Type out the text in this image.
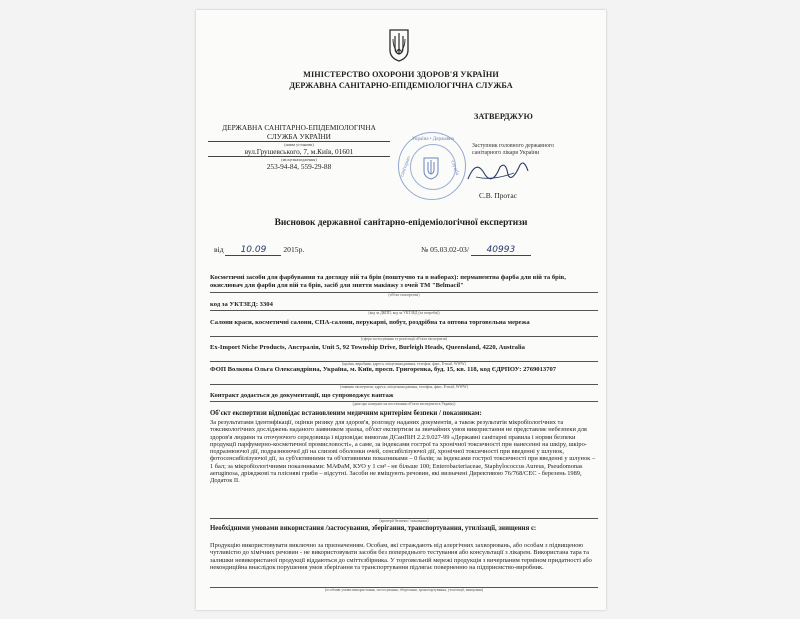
МІНІСТЕРСТВО ОХОРОНИ ЗДОРОВ'Я УКРАЇНИ
ДЕРЖАВНА САНІТАРНО-ЕПІДЕМІОЛОГІЧНА СЛУЖБА
ДЕРЖАВНА САНІТАРНО-ЕПІДЕМІОЛОГІЧНА
СЛУЖБА УКРАЇНИ
(назва установи)
вул.Грушевського, 7, м.Київ, 01601
(місцезнаходження)
253-94-84, 559-29-88
ЗАТВЕРДЖУЮ
Україна • Державна
санітарно-	служба
Заступник головного державного
санітарного лікаря України
С.В. Протас
Висновок державної санітарно-епідеміологічної експертизи
від 10.09 2015р.	№ 05.03.02-03/ 40993
Косметичні засоби для фарбування та догляду вій та брів (поштучно та в наборах): перманентна фарба для вій та брів, окислювач для фарби для вій та брів, засіб для зняття макіяжу з очей ТМ "Belmacil"
(об'єкт експертизи)
код за УКТЗЕД: 3304
(код за ДКПП, код за УКТЗЕД (за потреби))
Салони краси, косметичні салони, СПА-салони, перукарні, побут, роздрібна та оптова торговельна мережа
(сфера застосування та реалізації об'єкта експертизи)
Ex-Import Niche Products, Австралія, Unit 5, 92 Township Drive, Burleigh Heads, Queensland, 4220, Australia
(країна, виробник, адреса, місцезнаходження, телефон, факс, E-mail, WWW)
ФОП Волкова Ольга Олександрівна, Україна, м. Київ, просп. Григоренка, буд. 15, кв. 118, код ЄДРПОУ: 2769013707
(заявник експертизи, адреса, місцезнаходження, телефон, факс, E-mail, WWW)
Контракт додається до документації, що супроводжує вантаж
(дані про контракт на постачання об'єкта експертизи в Україну)
Об'єкт експертизи відповідає встановленим медичним критеріям безпеки / показникам:
За результатами ідентифікації, оцінки ризику для здоров'я, розгляду наданих документів, а також результатів мікробіологічних та токсикологічних досліджень наданого заявником зразка, об'єкт експертизи за звичайних умов використання не представляє небезпеки для здоров'я людини та оточуючого середовища і відповідає вимогам ДСанПіН 2.2.9.027-99 «Державні санітарні правила і норми безпеки продукції парфумерно-косметичної промисловості», а саме, за індексами гострої та хронічної токсичності при нанесенні на шкіру, шкіро-подразнюючої дії, подразнюючої дії на слизові оболонки очей, сенсибілізуючої дії, хронічної токсичності при введенні у шлунок, фотосенсибілізуючої дії, за суб'єктивними та об'єктивними показниками – 0 балів; за індексами гострої токсичності при введенні у шлунок – 1 бал; за мікробіологічними показниками: МАФаМ, КУО у 1 см³ - не більше 100; Enterobacteriaceae, Staphylococcus Aureus, Pseudomonas aeruginosa, дріжджові та плісняві гриби – відсутні. Засоби не вміщують речовин, які визначені Директивою 76/768/СЕС - березень 1989, Додаток II.
(критерії безпеки / показники)
Необхідними умовами використання /застосування, зберігання, транспортування, утилізації, знищення є:
Продукцію використовувати виключно за призначенням. Особам, які страждають від алергічних захворювань, або особам з підвищеною чутливістю до хімічних речовин - не використовувати засоби без попереднього тестування або консультації з лікарем. Використана тара та залишки невикористаної продукції віддаються до сміттєзбірника. У торговельній мережі продукція з вичерпаним терміном придатності або некондиційна внаслідок порушення умов зберігання та транспортування підлягає поверненню на підприємство-виробник.
(особливі умови використання, застосування, зберігання, транспортування, утилізації, знищення)
